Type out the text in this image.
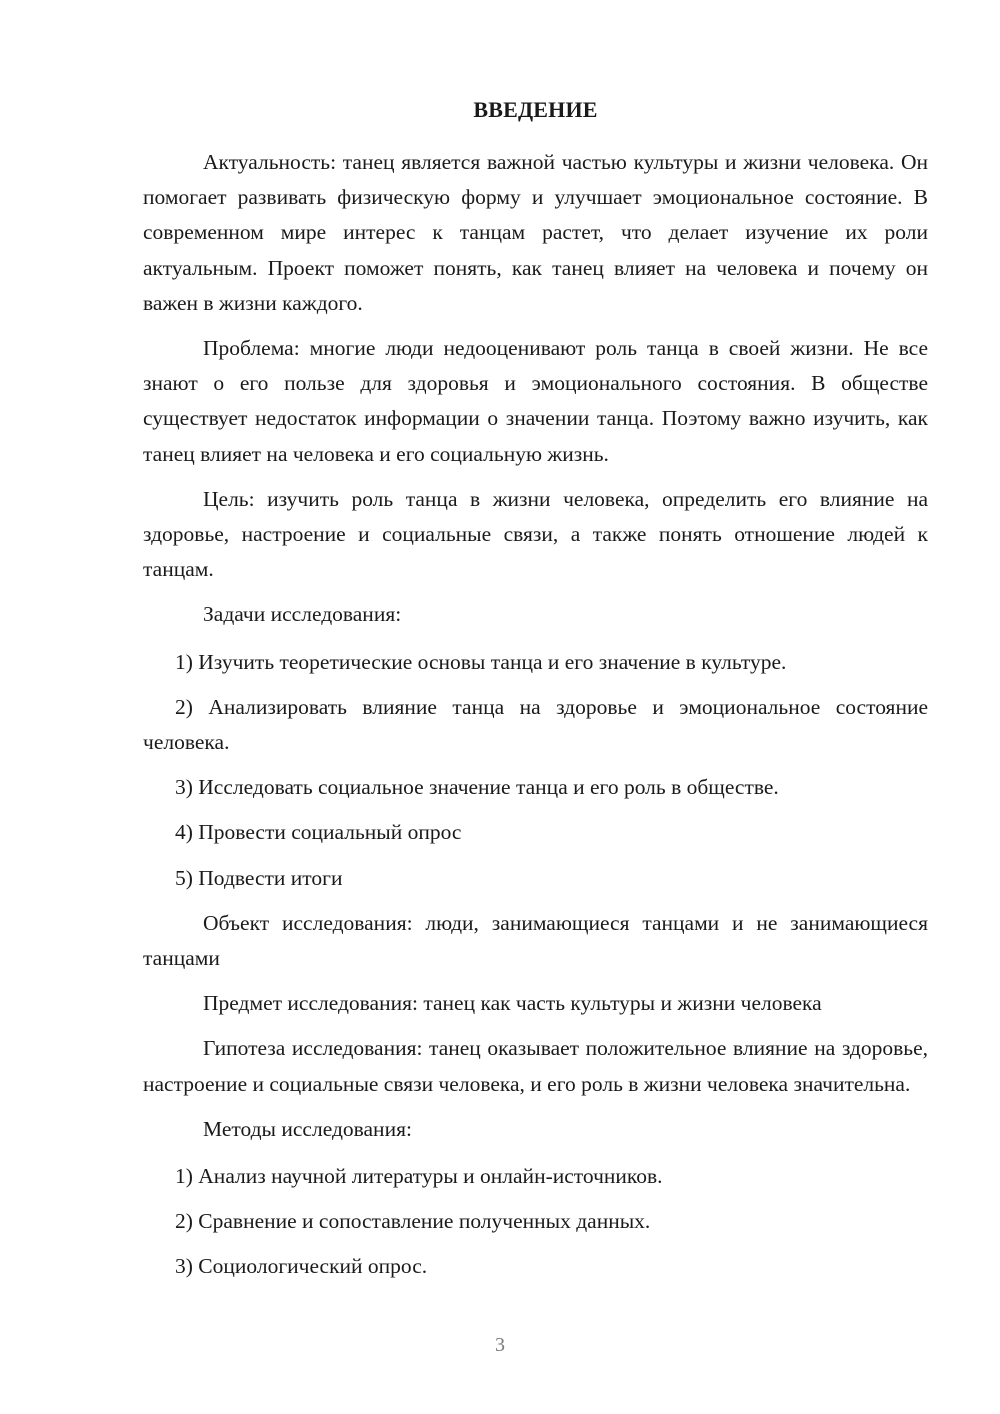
ВВЕДЕНИЕ

Актуальность: танец является важной частью культуры и жизни человека. Он помогает развивать физическую форму и улучшает эмоциональное состояние. В современном мире интерес к танцам растет, что делает изучение их роли актуальным. Проект поможет понять, как танец влияет на человека и почему он важен в жизни каждого.

Проблема: многие люди недооценивают роль танца в своей жизни. Не все знают о его пользе для здоровья и эмоционального состояния. В обществе существует недостаток информации о значении танца. Поэтому важно изучить, как танец влияет на человека и его социальную жизнь.

Цель: изучить роль танца в жизни человека, определить его влияние на здоровье, настроение и социальные связи, а также понять отношение людей к танцам.

Задачи исследования:

1) Изучить теоретические основы танца и его значение в культуре.

2) Анализировать влияние танца на здоровье и эмоциональное состояние человека.

3) Исследовать социальное значение танца и его роль в обществе.

4) Провести социальный опрос

5) Подвести итоги

Объект исследования: люди, занимающиеся танцами и не занимающиеся танцами

Предмет исследования: танец как часть культуры и жизни человека

Гипотеза исследования: танец оказывает положительное влияние на здоровье, настроение и социальные связи человека, и его роль в жизни человека значительна.

Методы исследования:

1) Анализ научной литературы и онлайн-источников.

2) Сравнение и сопоставление полученных данных.

3) Социологический опрос.

3
